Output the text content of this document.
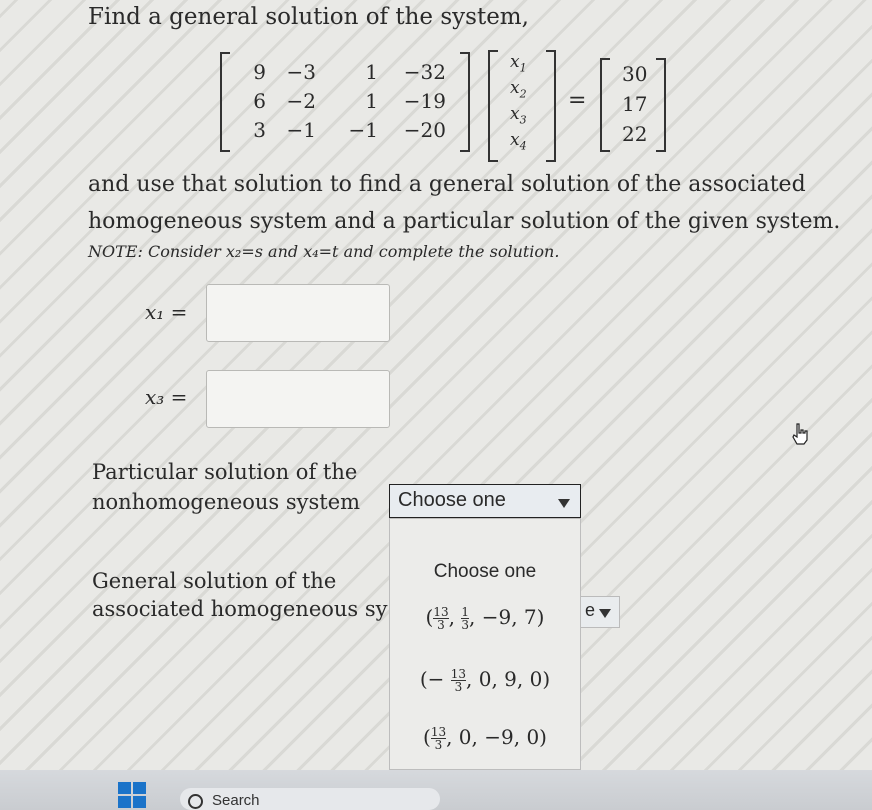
Find a general solution of the system,
9	−3	1 −32
6	−2	1 −19
3	−1	−1 −20
$x_1$
$x_2$
$x_3$
$x_4$
=
30
17
22
and use that solution to find a general solution of the associated
homogeneous system and a particular solution of the given system.
NOTE: Consider x₂=s and x₄=t and complete the solution.
x₁ =
x₃ =
Particular solution of the
nonhomogeneous system Choose one
General solution of the
associated homogeneous sy	e
Choose one
( $\frac{13}{3}$ , $\frac{1}{3}$ , −9, 7)
(− $\frac{13}{3}$ , 0, 9, 0)
( $\frac{13}{3}$ , 0, −9, 0)
Search
